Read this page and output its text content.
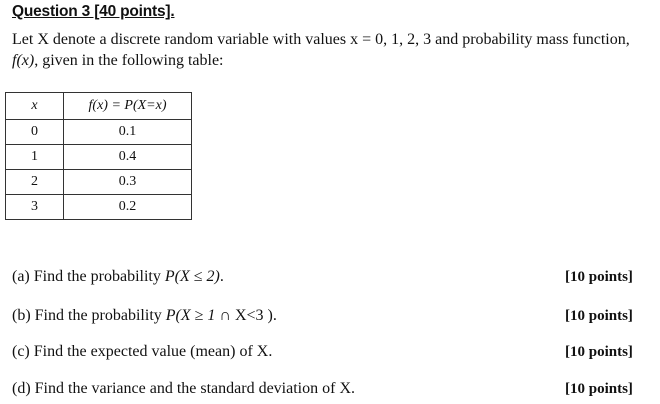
Question 3 [40 points].
Let X denote a discrete random variable with values x = 0, 1, 2, 3 and probability mass function,
f(x), given in the following table:
x	f(x) = P(X=x)
0	0.1
1	0.4
2	0.3
3	0.2
(a) Find the probability P(X ≤ 2).	[10 points]
(b) Find the probability P(X ≥ 1 ∩ X<3 ).	[10 points]
(c) Find the expected value (mean) of X.	[10 points]
(d) Find the variance and the standard deviation of X.	[10 points]
